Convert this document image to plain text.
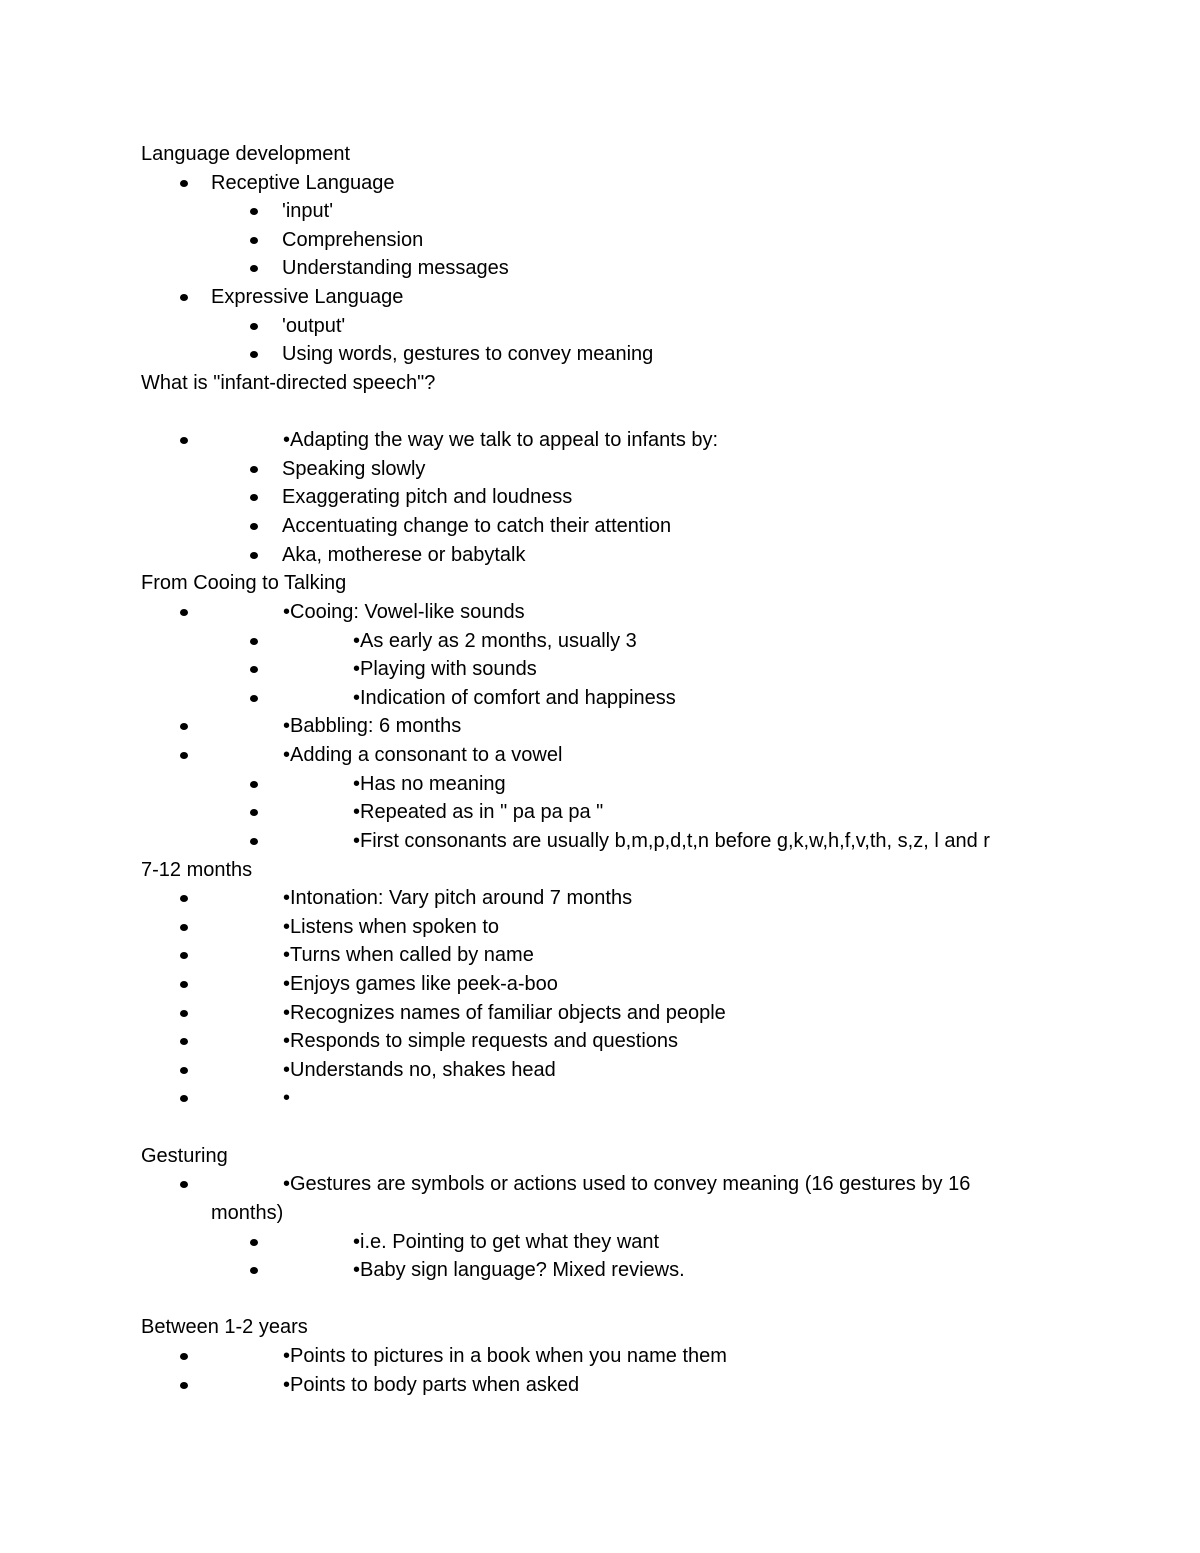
Language development
Receptive Language
'input'
Comprehension
Understanding messages
Expressive Language
'output'
Using words, gestures to convey meaning
What is "infant-directed speech"?
•Adapting the way we talk to appeal to infants by:
Speaking slowly
Exaggerating pitch and loudness
Accentuating change to catch their attention
Aka, motherese or babytalk
From Cooing to Talking
•Cooing: Vowel-like sounds
•As early as 2 months, usually 3
•Playing with sounds
•Indication of comfort and happiness
•Babbling: 6 months
•Adding a consonant to a vowel
•Has no meaning
•Repeated as in " pa pa pa "
•First consonants are usually b,m,p,d,t,n before g,k,w,h,f,v,th, s,z, l and r
7-12 months
•Intonation: Vary pitch around 7 months
•Listens when spoken to
•Turns when called by name
•Enjoys games like peek-a-boo
•Recognizes names of familiar objects and people
•Responds to simple requests and questions
•Understands no, shakes head
•
Gesturing
•Gestures are symbols or actions used to convey meaning (16 gestures by 16
months)
•i.e. Pointing to get what they want
•Baby sign language? Mixed reviews.
Between 1-2 years
•Points to pictures in a book when you name them
•Points to body parts when asked
